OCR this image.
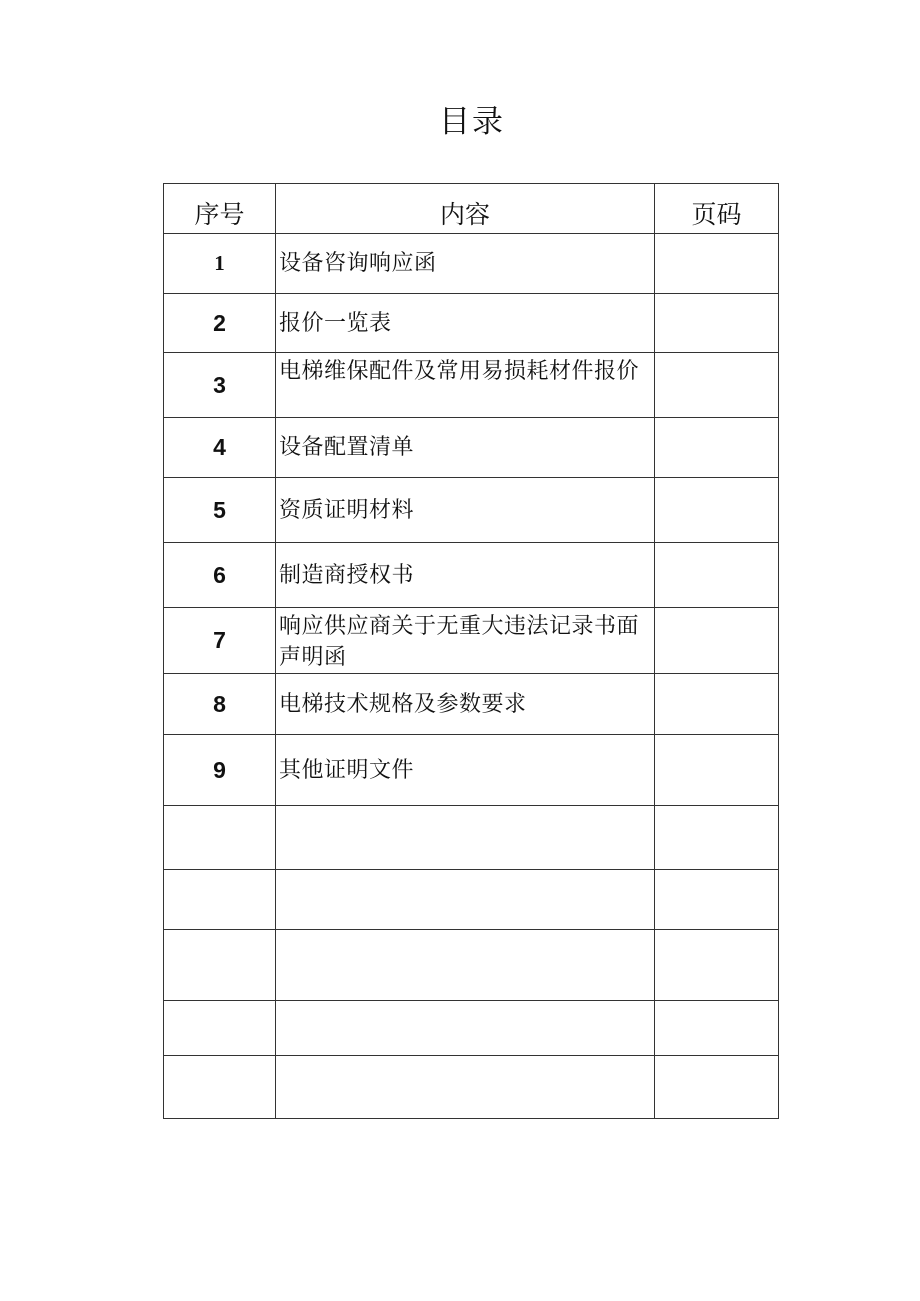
目录
序号	内容	页码
1	设备咨询响应函	
2	报价一览表	
3	电梯维保配件及常用易损耗材件报价	
4	设备配置清单	
5	资质证明材料	
6	制造商授权书	
7	响应供应商关于无重大违法记录书面声明函	
8	电梯技术规格及参数要求	
9	其他证明文件	
